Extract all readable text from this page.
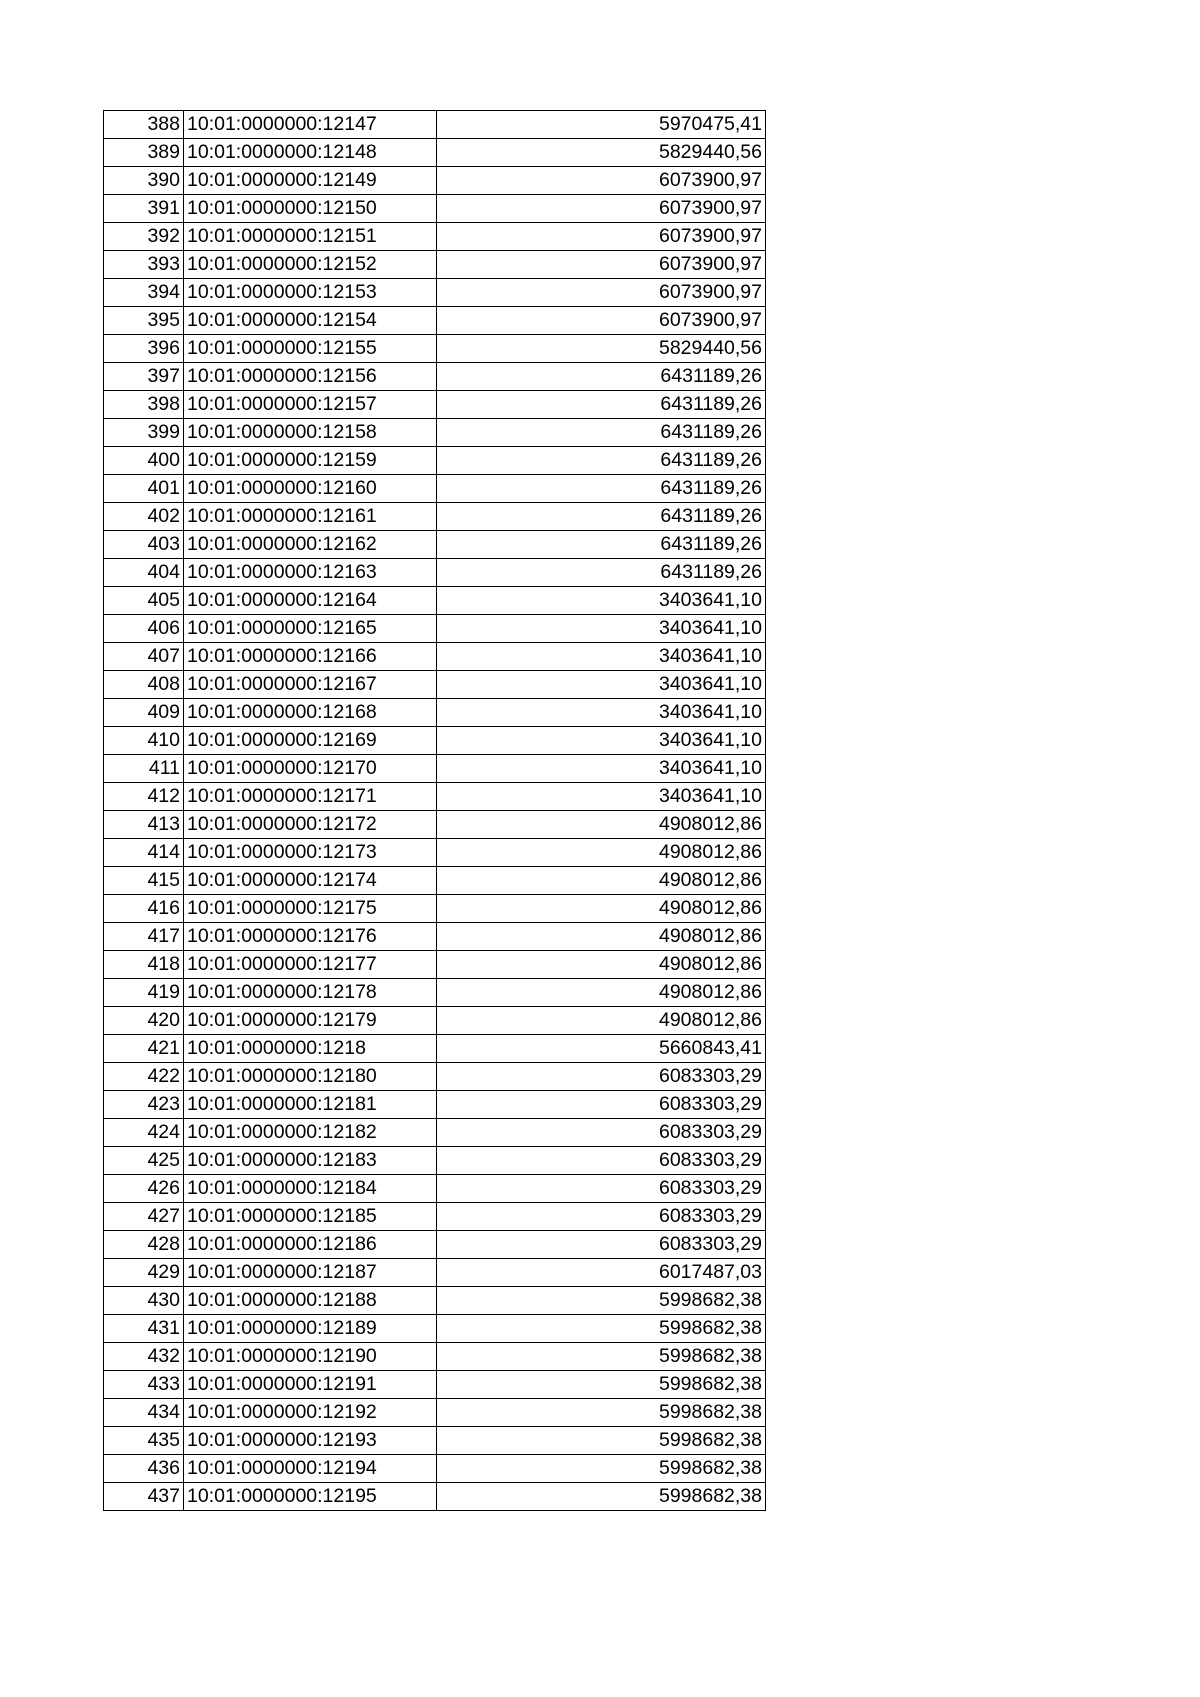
388	10:01:0000000:12147	5970475,41
389	10:01:0000000:12148	5829440,56
390	10:01:0000000:12149	6073900,97
391	10:01:0000000:12150	6073900,97
392	10:01:0000000:12151	6073900,97
393	10:01:0000000:12152	6073900,97
394	10:01:0000000:12153	6073900,97
395	10:01:0000000:12154	6073900,97
396	10:01:0000000:12155	5829440,56
397	10:01:0000000:12156	6431189,26
398	10:01:0000000:12157	6431189,26
399	10:01:0000000:12158	6431189,26
400	10:01:0000000:12159	6431189,26
401	10:01:0000000:12160	6431189,26
402	10:01:0000000:12161	6431189,26
403	10:01:0000000:12162	6431189,26
404	10:01:0000000:12163	6431189,26
405	10:01:0000000:12164	3403641,10
406	10:01:0000000:12165	3403641,10
407	10:01:0000000:12166	3403641,10
408	10:01:0000000:12167	3403641,10
409	10:01:0000000:12168	3403641,10
410	10:01:0000000:12169	3403641,10
411	10:01:0000000:12170	3403641,10
412	10:01:0000000:12171	3403641,10
413	10:01:0000000:12172	4908012,86
414	10:01:0000000:12173	4908012,86
415	10:01:0000000:12174	4908012,86
416	10:01:0000000:12175	4908012,86
417	10:01:0000000:12176	4908012,86
418	10:01:0000000:12177	4908012,86
419	10:01:0000000:12178	4908012,86
420	10:01:0000000:12179	4908012,86
421	10:01:0000000:1218	5660843,41
422	10:01:0000000:12180	6083303,29
423	10:01:0000000:12181	6083303,29
424	10:01:0000000:12182	6083303,29
425	10:01:0000000:12183	6083303,29
426	10:01:0000000:12184	6083303,29
427	10:01:0000000:12185	6083303,29
428	10:01:0000000:12186	6083303,29
429	10:01:0000000:12187	6017487,03
430	10:01:0000000:12188	5998682,38
431	10:01:0000000:12189	5998682,38
432	10:01:0000000:12190	5998682,38
433	10:01:0000000:12191	5998682,38
434	10:01:0000000:12192	5998682,38
435	10:01:0000000:12193	5998682,38
436	10:01:0000000:12194	5998682,38
437	10:01:0000000:12195	5998682,38
